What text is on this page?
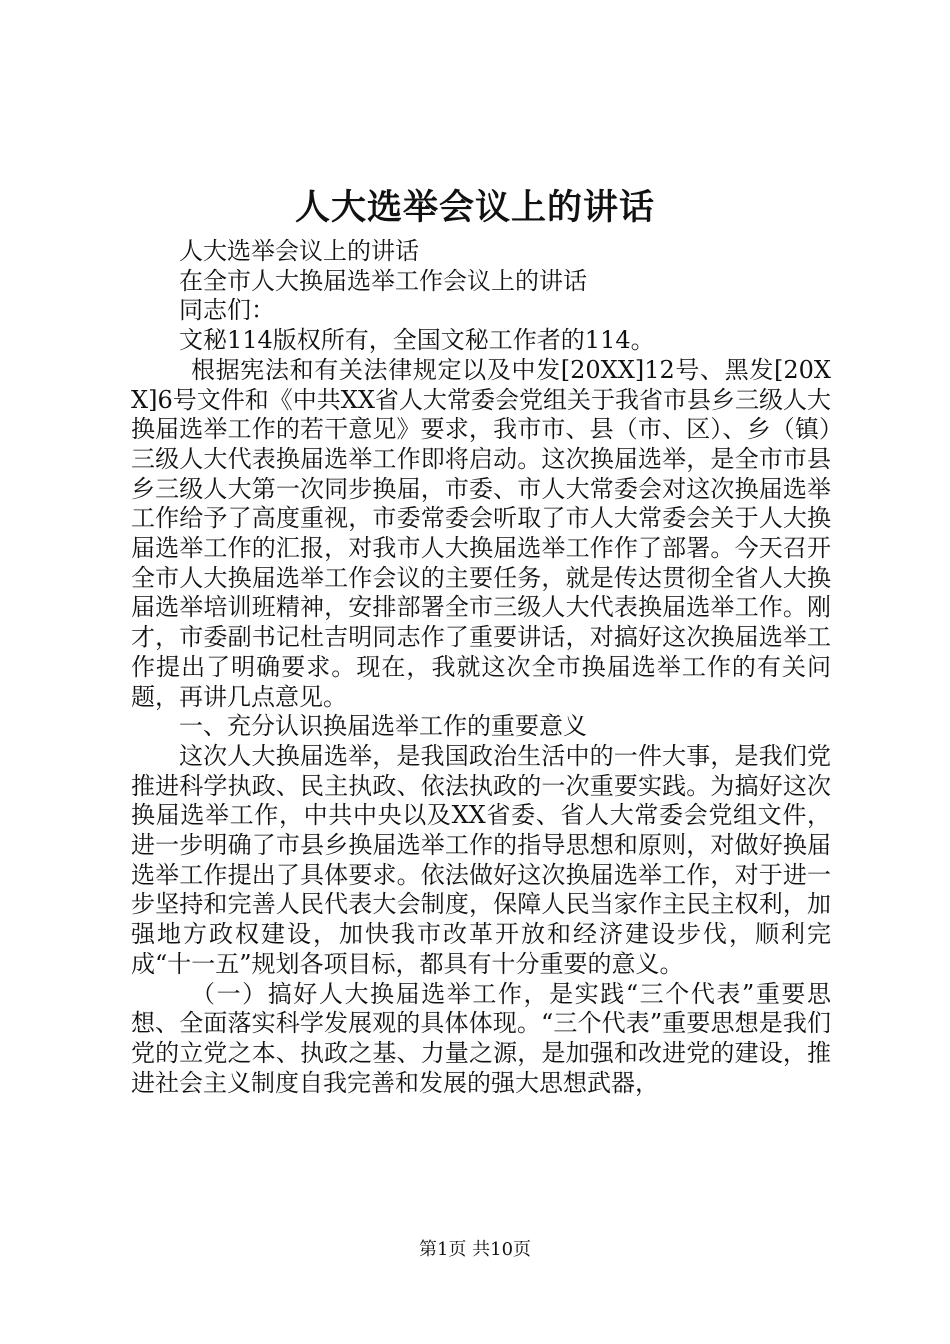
人大选举会议上的讲话

人大选举会议上的讲话

在全市人大换届选举工作会议上的讲话

同志们：

文秘114版权所有，全国文秘工作者的114。

根据宪法和有关法律规定以及中发[20XX]12号、黑发[20XX]6号文件和《中共XX省人大常委会党组关于我省市县乡三级人大换届选举工作的若干意见》要求，我市市、县（市、区）、乡（镇）三级人大代表换届选举工作即将启动。这次换届选举，是全市市县乡三级人大第一次同步换届，市委、市人大常委会对这次换届选举工作给予了高度重视，市委常委会听取了市人大常委会关于人大换届选举工作的汇报，对我市人大换届选举工作作了部署。今天召开全市人大换届选举工作会议的主要任务，就是传达贯彻全省人大换届选举培训班精神，安排部署全市三级人大代表换届选举工作。刚才，市委副书记杜吉明同志作了重要讲话，对搞好这次换届选举工作提出了明确要求。现在，我就这次全市换届选举工作的有关问题，再讲几点意见。

一、充分认识换届选举工作的重要意义

这次人大换届选举，是我国政治生活中的一件大事，是我们党推进科学执政、民主执政、依法执政的一次重要实践。为搞好这次换届选举工作，中共中央以及XX省委、省人大常委会党组文件，进一步明确了市县乡换届选举工作的指导思想和原则，对做好换届选举工作提出了具体要求。依法做好这次换届选举工作，对于进一步坚持和完善人民代表大会制度，保障人民当家作主民主权利，加强地方政权建设，加快我市改革开放和经济建设步伐，顺利完成“十一五”规划各项目标，都具有十分重要的意义。

（一）搞好人大换届选举工作，是实践“三个代表”重要思想、全面落实科学发展观的具体体现。“三个代表”重要思想是我们党的立党之本、执政之基、力量之源，是加强和改进党的建设，推进社会主义制度自我完善和发展的强大思想武器，

第1页 共10页
